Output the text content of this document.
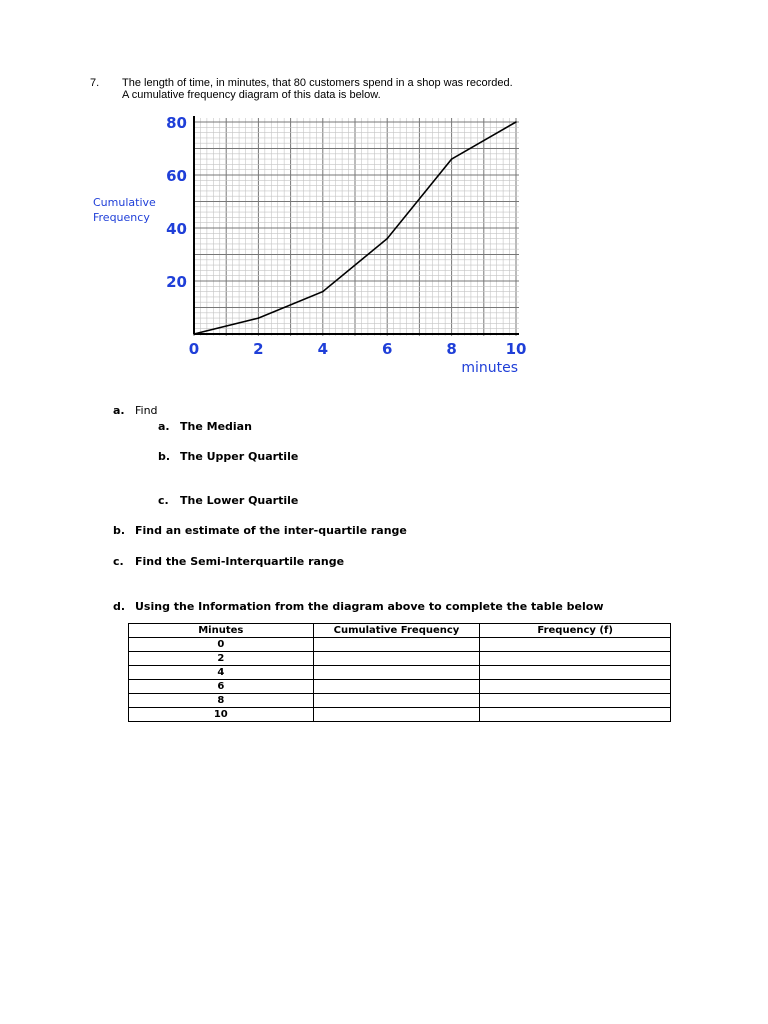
7. The length of time, in minutes, that 80 customers spend in a shop was recorded.
A cumulative frequency diagram of this data is below.
0	2	4	6	8	10
20
40
60
80
minutes
Cumulative
Frequency
a. Find
a. The Median
b. The Upper Quartile
c. The Lower Quartile
b. Find an estimate of the inter-quartile range
c. Find the Semi-Interquartile range
d. Using the Information from the diagram above to complete the table below
Minutes	Cumulative Frequency	Frequency (f)
0		
2		
4		
6		
8		
10		
